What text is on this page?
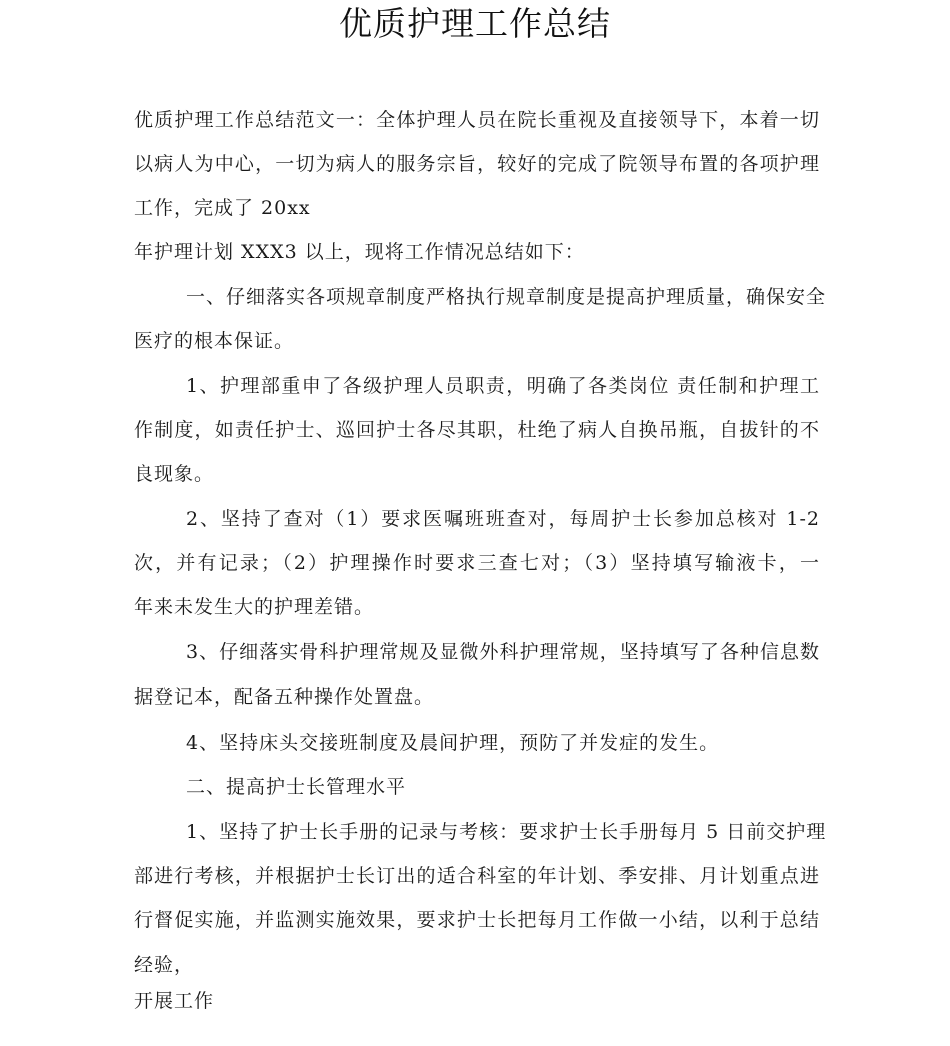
优质护理工作总结
优质护理工作总结范文一：全体护理人员在院长重视及直接领导下，本着一切
以病人为中心，一切为病人的服务宗旨，较好的完成了院领导布置的各项护理
工作，完成了 20xx
年护理计划 XXX3 以上，现将工作情况总结如下：
一、仔细落实各项规章制度严格执行规章制度是提高护理质量，确保安全
医疗的根本保证。
1、护理部重申了各级护理人员职责，明确了各类岗位 责任制和护理工
作制度，如责任护士、巡回护士各尽其职，杜绝了病人自换吊瓶，自拔针的不
良现象。
2、坚持了查对（1）要求医嘱班班查对，每周护士长参加总核对 1-2
次，并有记录；（2）护理操作时要求三查七对；（3）坚持填写输液卡，一
年来未发生大的护理差错。
3、仔细落实骨科护理常规及显微外科护理常规，坚持填写了各种信息数
据登记本，配备五种操作处置盘。
4、坚持床头交接班制度及晨间护理，预防了并发症的发生。
二、提高护士长管理水平
1、坚持了护士长手册的记录与考核：要求护士长手册每月 5 日前交护理
部进行考核，并根据护士长订出的适合科室的年计划、季安排、月计划重点进
行督促实施，并监测实施效果，要求护士长把每月工作做一小结，以利于总结
经验，
开展工作
